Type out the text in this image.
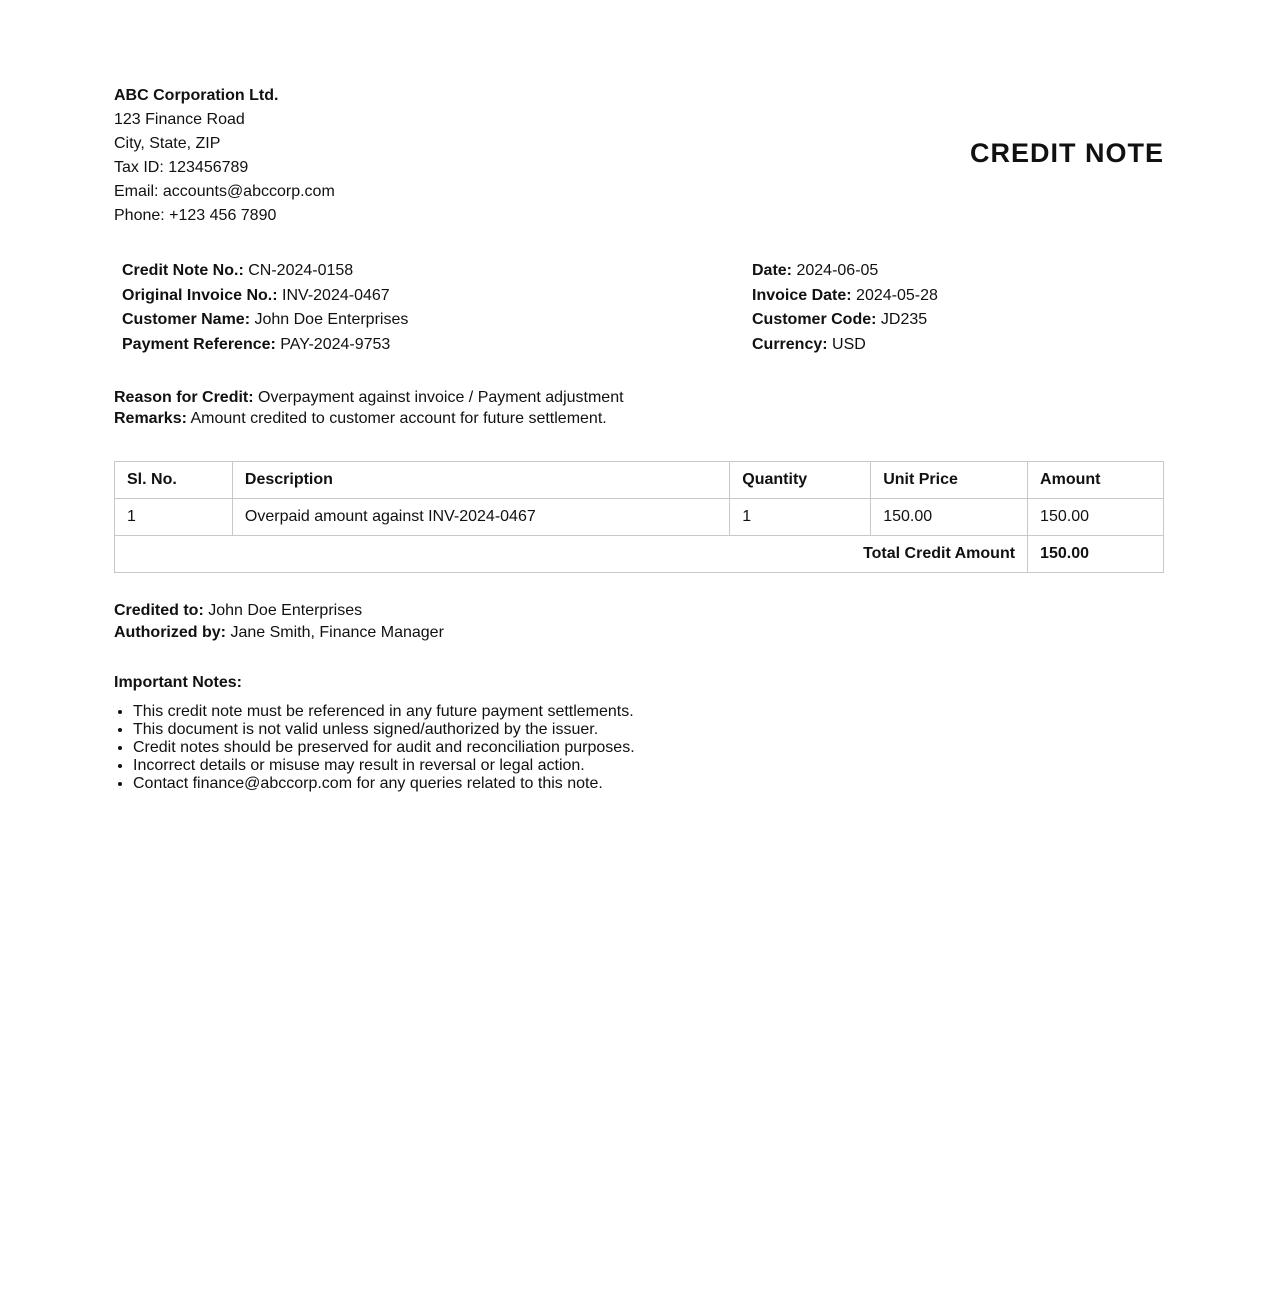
ABC Corporation Ltd.
123 Finance Road
City, State, ZIP
Tax ID: 123456789
Email: accounts@abccorp.com
Phone: +123 456 7890
CREDIT NOTE
Credit Note No.: CN-2024-0158
Original Invoice No.: INV-2024-0467
Customer Name: John Doe Enterprises
Payment Reference: PAY-2024-9753
Date: 2024-06-05
Invoice Date: 2024-05-28
Customer Code: JD235
Currency: USD
Reason for Credit: Overpayment against invoice / Payment adjustment
Remarks: Amount credited to customer account for future settlement.
Sl. No.	Description	Quantity	Unit Price	Amount
1	Overpaid amount against INV-2024-0467	1	150.00	150.00
Total Credit Amount				150.00
Credited to: John Doe Enterprises
Authorized by: Jane Smith, Finance Manager
Important Notes:
• This credit note must be referenced in any future payment settlements.
• This document is not valid unless signed/authorized by the issuer.
• Credit notes should be preserved for audit and reconciliation purposes.
• Incorrect details or misuse may result in reversal or legal action.
• Contact finance@abccorp.com for any queries related to this note.
